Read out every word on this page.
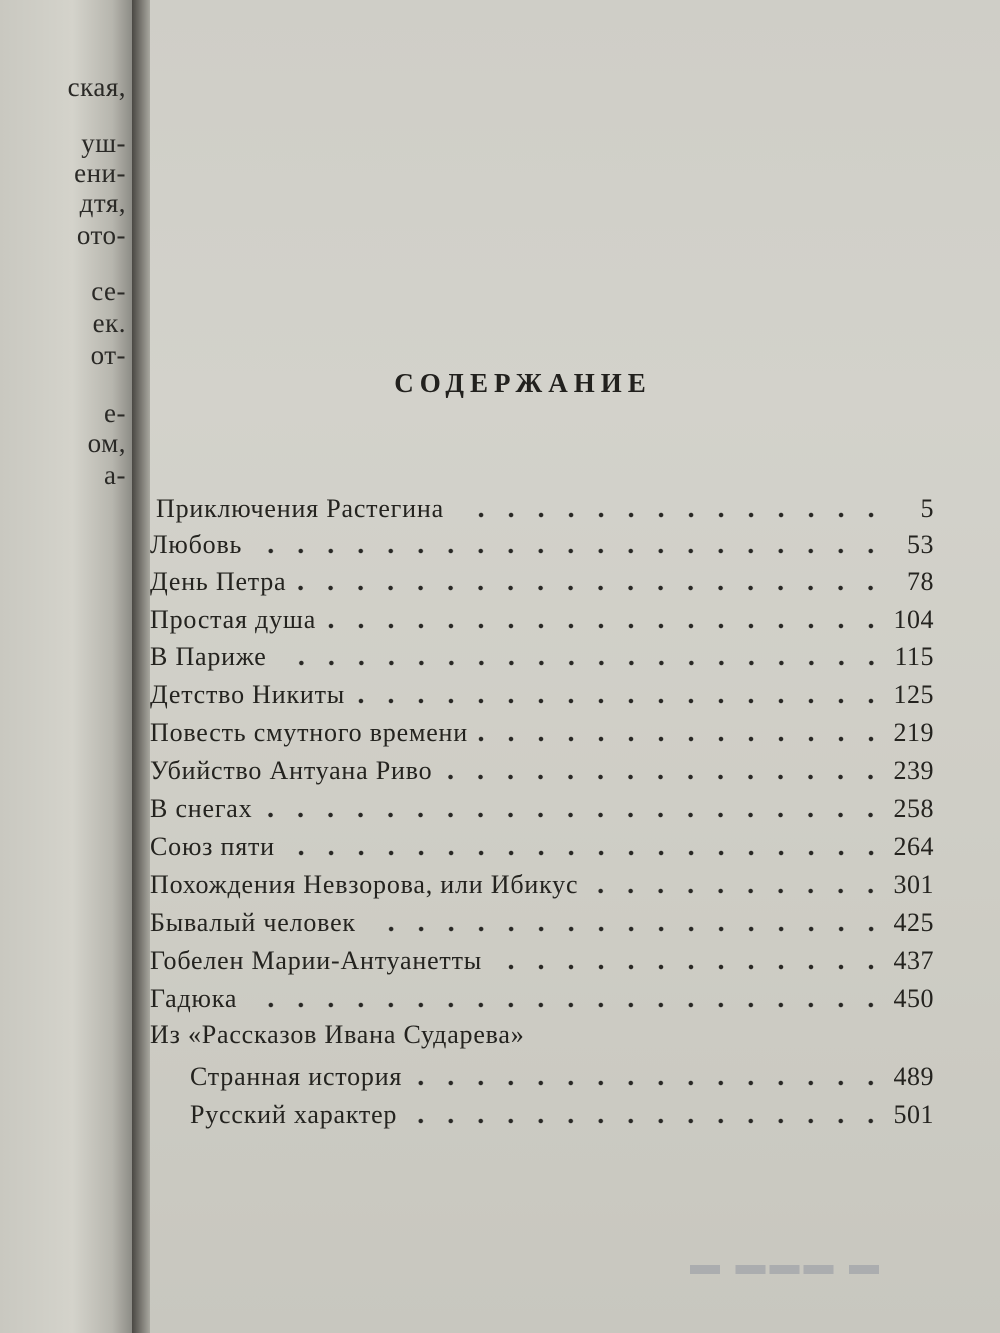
ская,
уш-
ени-
дтя,
ото-
се-
ек.
от-
е-
ом,
а-
СОДЕРЖАНИЕ
Приключения Растегина	5
Любовь	53
День Петра	78
Простая душа	104
В Париже	115
Детство Никиты	125
Повесть смутного времени	219
Убийство Антуана Риво	239
В снегах	258
Союз пяти	264
Похождения Невзорова, или Ибикус	301
Бывалый человек	425
Гобелен Марии-Антуанетты	437
Гадюка	450
Из «Рассказов Ивана Сударева»
Странная история	489
Русский характер	501
▬ ▬▬▬ ▬
